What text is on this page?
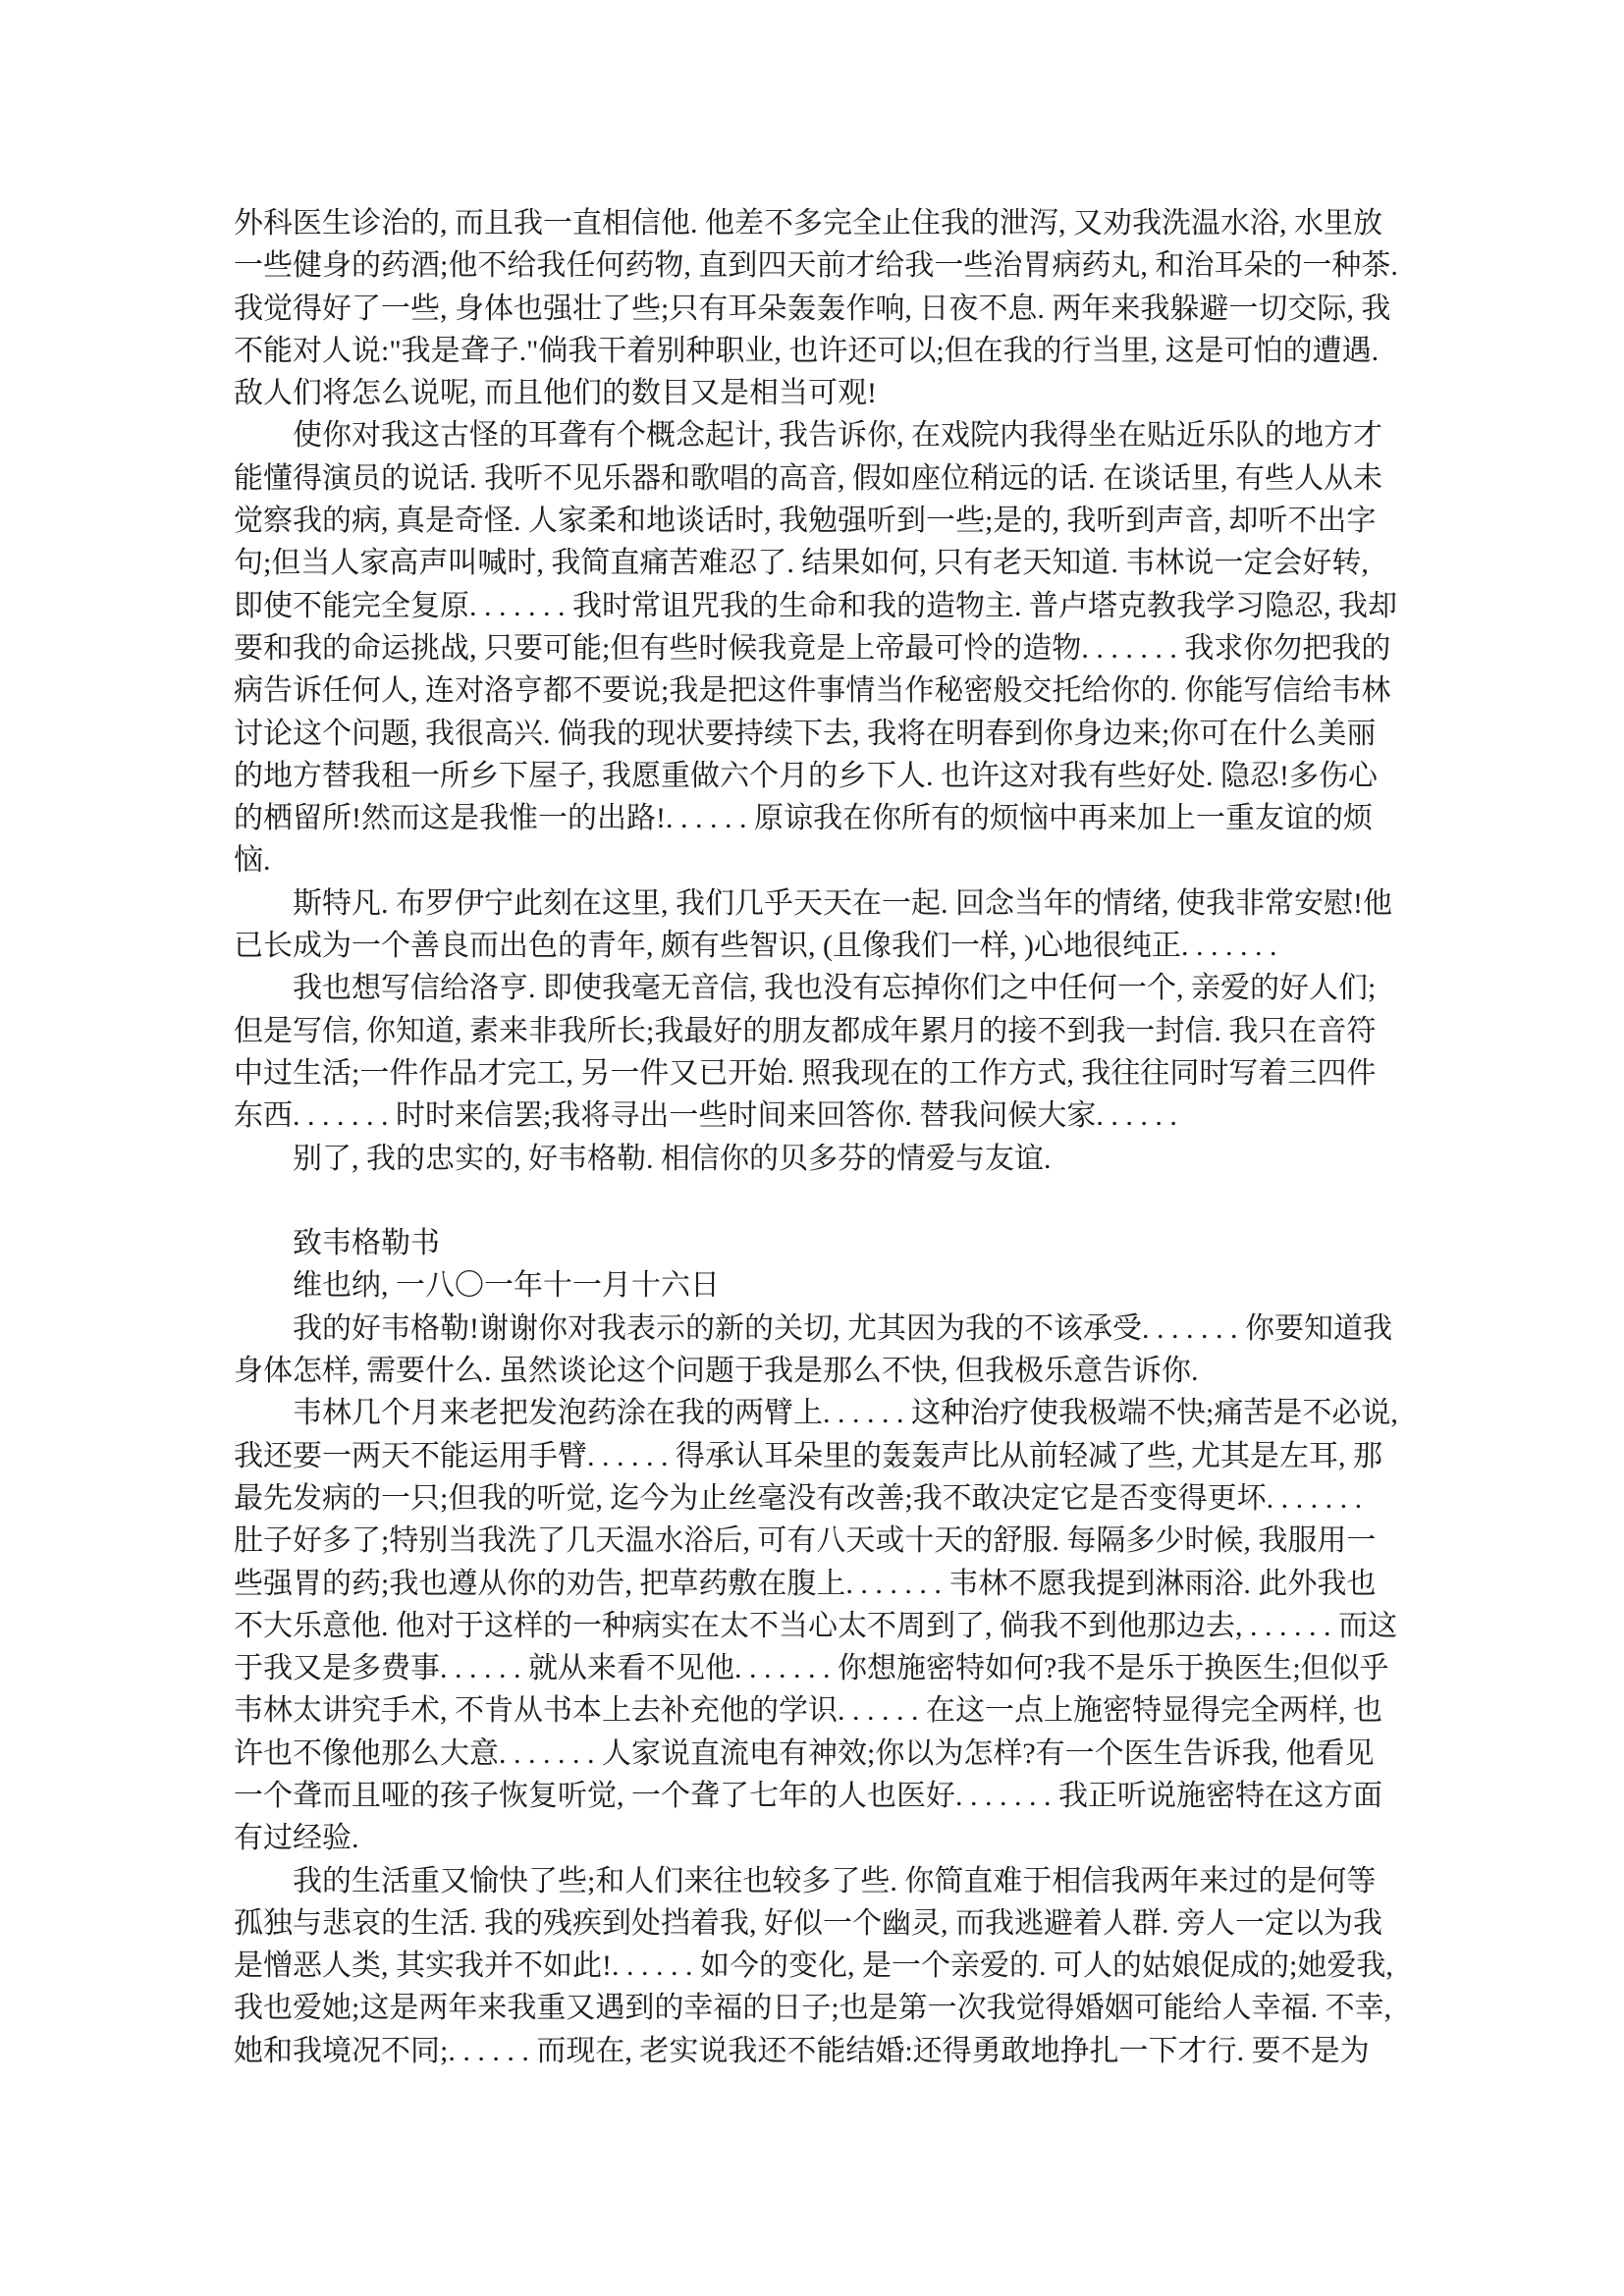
外科医生诊治的, 而且我一直相信他. 他差不多完全止住我的泄泻, 又劝我洗温水浴, 水里放
一些健身的药酒;他不给我任何药物, 直到四天前才给我一些治胃病药丸, 和治耳朵的一种茶.
我觉得好了一些, 身体也强壮了些;只有耳朵轰轰作响, 日夜不息. 两年来我躲避一切交际, 我
不能对人说:"我是聋子."倘我干着别种职业, 也许还可以;但在我的行当里, 这是可怕的遭遇.
敌人们将怎么说呢, 而且他们的数目又是相当可观!
使你对我这古怪的耳聋有个概念起计, 我告诉你, 在戏院内我得坐在贴近乐队的地方才
能懂得演员的说话. 我听不见乐器和歌唱的高音, 假如座位稍远的话. 在谈话里, 有些人从未
觉察我的病, 真是奇怪. 人家柔和地谈话时, 我勉强听到一些;是的, 我听到声音, 却听不出字
句;但当人家高声叫喊时, 我简直痛苦难忍了. 结果如何, 只有老天知道. 韦林说一定会好转,
即使不能完全复原. . . . . . . 我时常诅咒我的生命和我的造物主. 普卢塔克教我学习隐忍, 我却
要和我的命运挑战, 只要可能;但有些时候我竟是上帝最可怜的造物. . . . . . . 我求你勿把我的
病告诉任何人, 连对洛亨都不要说;我是把这件事情当作秘密般交托给你的. 你能写信给韦林
讨论这个问题, 我很高兴. 倘我的现状要持续下去, 我将在明春到你身边来;你可在什么美丽
的地方替我租一所乡下屋子, 我愿重做六个月的乡下人. 也许这对我有些好处. 隐忍!多伤心
的栖留所!然而这是我惟一的出路!. . . . . . 原谅我在你所有的烦恼中再来加上一重友谊的烦
恼.
斯特凡. 布罗伊宁此刻在这里, 我们几乎天天在一起. 回念当年的情绪, 使我非常安慰!他
已长成为一个善良而出色的青年, 颇有些智识, (且像我们一样, )心地很纯正. . . . . . .
我也想写信给洛亨. 即使我毫无音信, 我也没有忘掉你们之中任何一个, 亲爱的好人们;
但是写信, 你知道, 素来非我所长;我最好的朋友都成年累月的接不到我一封信. 我只在音符
中过生活;一件作品才完工, 另一件又已开始. 照我现在的工作方式, 我往往同时写着三四件
东西. . . . . . . 时时来信罢;我将寻出一些时间来回答你. 替我问候大家. . . . . .
别了, 我的忠实的, 好韦格勒. 相信你的贝多芬的情爱与友谊.
致韦格勒书
维也纳, 一八〇一年十一月十六日
我的好韦格勒!谢谢你对我表示的新的关切, 尤其因为我的不该承受. . . . . . . 你要知道我
身体怎样, 需要什么. 虽然谈论这个问题于我是那么不快, 但我极乐意告诉你.
韦林几个月来老把发泡药涂在我的两臂上. . . . . . 这种治疗使我极端不快;痛苦是不必说,
我还要一两天不能运用手臂. . . . . . 得承认耳朵里的轰轰声比从前轻减了些, 尤其是左耳, 那
最先发病的一只;但我的听觉, 迄今为止丝毫没有改善;我不敢决定它是否变得更坏. . . . . . .
肚子好多了;特别当我洗了几天温水浴后, 可有八天或十天的舒服. 每隔多少时候, 我服用一
些强胃的药;我也遵从你的劝告, 把草药敷在腹上. . . . . . . 韦林不愿我提到淋雨浴. 此外我也
不大乐意他. 他对于这样的一种病实在太不当心太不周到了, 倘我不到他那边去, . . . . . . 而这
于我又是多费事. . . . . . 就从来看不见他. . . . . . . 你想施密特如何?我不是乐于换医生;但似乎
韦林太讲究手术, 不肯从书本上去补充他的学识. . . . . . 在这一点上施密特显得完全两样, 也
许也不像他那么大意. . . . . . . 人家说直流电有神效;你以为怎样?有一个医生告诉我, 他看见
一个聋而且哑的孩子恢复听觉, 一个聋了七年的人也医好. . . . . . . 我正听说施密特在这方面
有过经验.
我的生活重又愉快了些;和人们来往也较多了些. 你简直难于相信我两年来过的是何等
孤独与悲哀的生活. 我的残疾到处挡着我, 好似一个幽灵, 而我逃避着人群. 旁人一定以为我
是憎恶人类, 其实我并不如此!. . . . . . 如今的变化, 是一个亲爱的. 可人的姑娘促成的;她爱我,
我也爱她;这是两年来我重又遇到的幸福的日子;也是第一次我觉得婚姻可能给人幸福. 不幸,
她和我境况不同;. . . . . . 而现在, 老实说我还不能结婚:还得勇敢地挣扎一下才行. 要不是为
